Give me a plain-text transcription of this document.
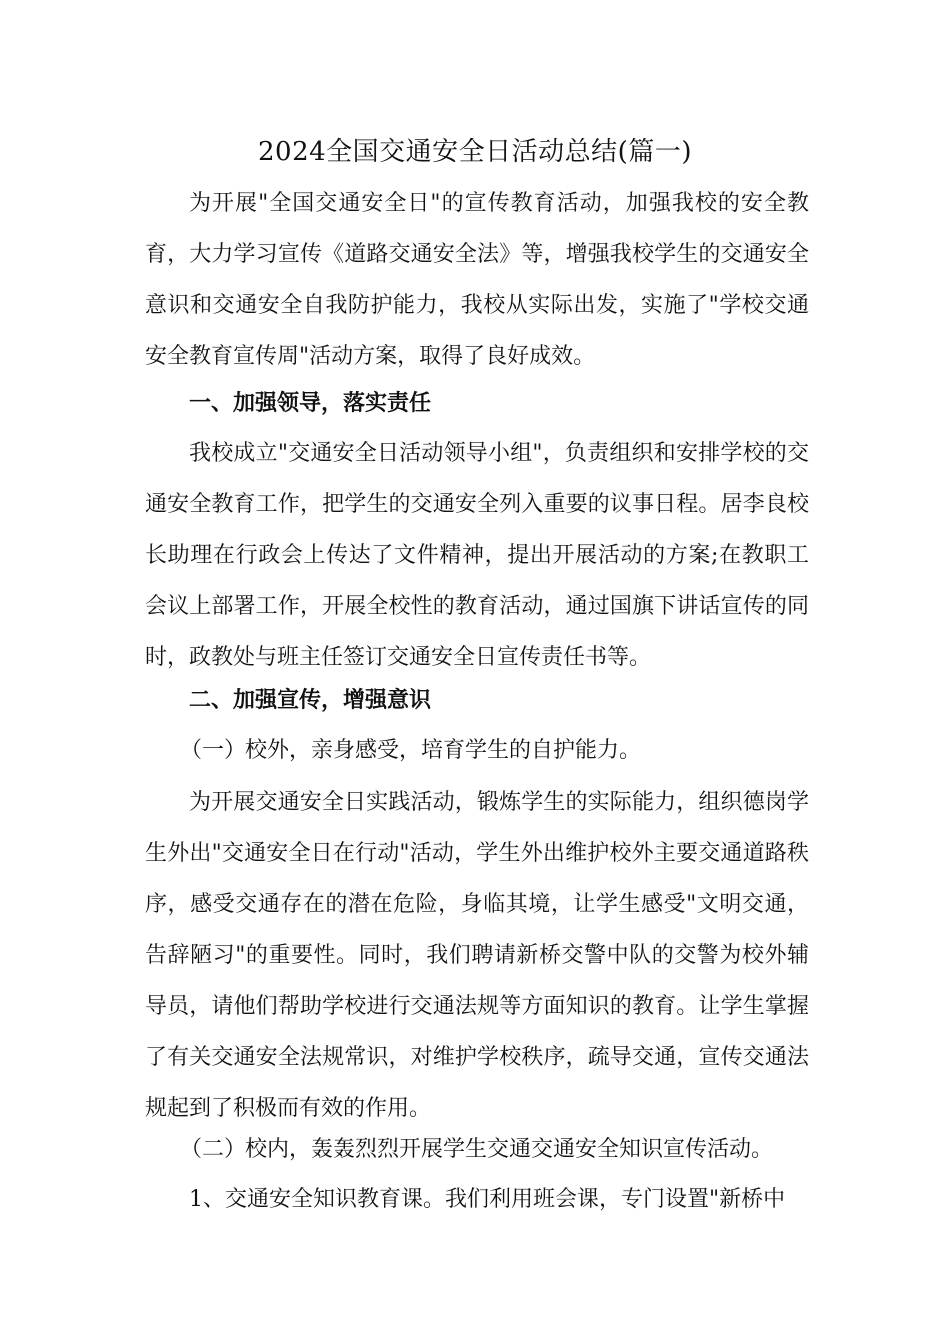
2024全国交通安全日活动总结(篇一)

为开展"全国交通安全日"的宣传教育活动，加强我校的安全教育，大力学习宣传《道路交通安全法》等，增强我校学生的交通安全意识和交通安全自我防护能力，我校从实际出发，实施了"学校交通安全教育宣传周"活动方案，取得了良好成效。

一、加强领导，落实责任

我校成立"交通安全日活动领导小组"，负责组织和安排学校的交通安全教育工作，把学生的交通安全列入重要的议事日程。居李良校长助理在行政会上传达了文件精神，提出开展活动的方案;在教职工会议上部署工作，开展全校性的教育活动，通过国旗下讲话宣传的同时，政教处与班主任签订交通安全日宣传责任书等。

二、加强宣传，增强意识

（一）校外，亲身感受，培育学生的自护能力。

为开展交通安全日实践活动，锻炼学生的实际能力，组织德岗学生外出"交通安全日在行动"活动，学生外出维护校外主要交通道路秩序，感受交通存在的潜在危险，身临其境，让学生感受"文明交通，告辞陋习"的重要性。同时，我们聘请新桥交警中队的交警为校外辅导员，请他们帮助学校进行交通法规等方面知识的教育。让学生掌握了有关交通安全法规常识，对维护学校秩序，疏导交通，宣传交通法规起到了积极而有效的作用。

（二）校内，轰轰烈烈开展学生交通交通安全知识宣传活动。

1、交通安全知识教育课。我们利用班会课，专门设置"新桥中
